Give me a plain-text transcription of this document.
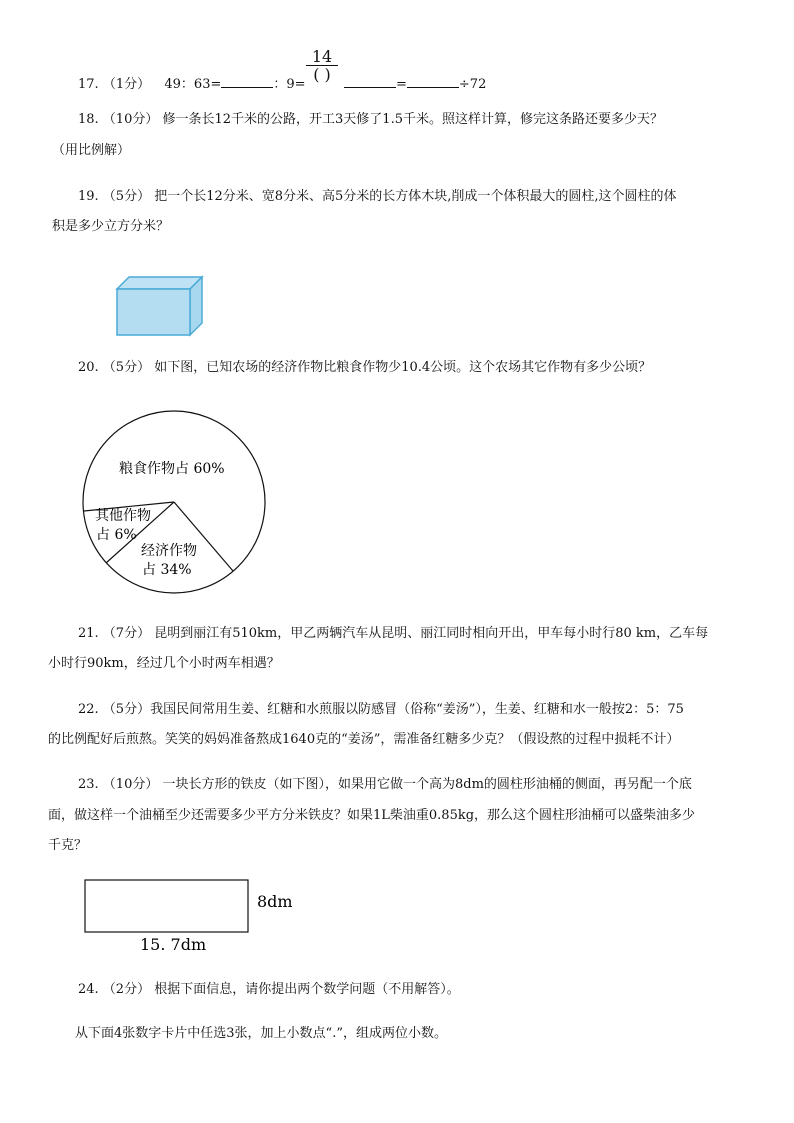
17. （1分） 49：63=	：9=
14
( )
=	÷72
18. （10分） 修一条长12千米的公路，开工3天修了1.5千米。照这样计算，修完这条路还要多少天？
（用比例解）
19. （5分） 把一个长12分米、宽8分米、高5分米的长方体木块,削成一个体积最大的圆柱,这个圆柱的体
积是多少立方分米？
20. （5分） 如下图，已知农场的经济作物比粮食作物少10.4公顷。这个农场其它作物有多少公顷？
粮食作物占 60%
其他作物
占 6%
经济作物
占 34%
21. （7分） 昆明到丽江有510km，甲乙两辆汽车从昆明、丽江同时相向开出，甲车每小时行80 km，乙车每
小时行90km，经过几个小时两车相遇？
22. （5分）我国民间常用生姜、红糖和水煎服以防感冒（俗称“姜汤”），生姜、红糖和水一般按2：5：75
的比例配好后煎熬。笑笑的妈妈准备熬成1640克的“姜汤”，需准备红糖多少克？（假设熬的过程中损耗不计）
23. （10分） 一块长方形的铁皮（如下图），如果用它做一个高为8dm的圆柱形油桶的侧面，再另配一个底
面，做这样一个油桶至少还需要多少平方分米铁皮？如果1L柴油重0.85kg，那么这个圆柱形油桶可以盛柴油多少
千克？
8dm
15. 7dm
24. （2分） 根据下面信息，请你提出两个数学问题（不用解答）。
从下面4张数字卡片中任选3张，加上小数点“.”，组成两位小数。
